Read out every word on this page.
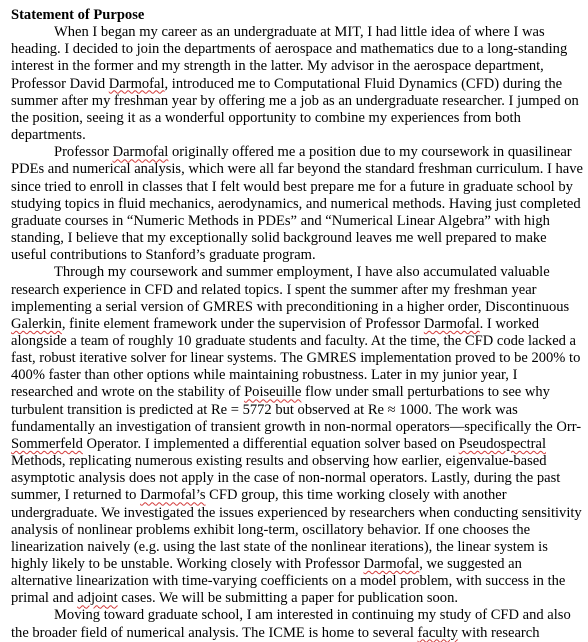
Statement of Purpose

When I began my career as an undergraduate at MIT, I had little idea of where I was heading. I decided to join the departments of aerospace and mathematics due to a long-standing interest in the former and my strength in the latter. My advisor in the aerospace department, Professor David Darmofal, introduced me to Computational Fluid Dynamics (CFD) during the summer after my freshman year by offering me a job as an undergraduate researcher. I jumped on the position, seeing it as a wonderful opportunity to combine my experiences from both departments.

Professor Darmofal originally offered me a position due to my coursework in quasilinear PDEs and numerical analysis, which were all far beyond the standard freshman curriculum. I have since tried to enroll in classes that I felt would best prepare me for a future in graduate school by studying topics in fluid mechanics, aerodynamics, and numerical methods. Having just completed graduate courses in “Numeric Methods in PDEs” and “Numerical Linear Algebra” with high standing, I believe that my exceptionally solid background leaves me well prepared to make useful contributions to Stanford’s graduate program.

Through my coursework and summer employment, I have also accumulated valuable research experience in CFD and related topics. I spent the summer after my freshman year implementing a serial version of GMRES with preconditioning in a higher order, Discontinuous Galerkin, finite element framework under the supervision of Professor Darmofal. I worked alongside a team of roughly 10 graduate students and faculty. At the time, the CFD code lacked a fast, robust iterative solver for linear systems. The GMRES implementation proved to be 200% to 400% faster than other options while maintaining robustness. Later in my junior year, I researched and wrote on the stability of Poiseuille flow under small perturbations to see why turbulent transition is predicted at Re = 5772 but observed at Re ≈ 1000. The work was fundamentally an investigation of transient growth in non-normal operators—specifically the Orr-Sommerfeld Operator. I implemented a differential equation solver based on Pseudospectral Methods, replicating numerous existing results and observing how earlier, eigenvalue-based asymptotic analysis does not apply in the case of non-normal operators. Lastly, during the past summer, I returned to Darmofal’s CFD group, this time working closely with another undergraduate. We investigated the issues experienced by researchers when conducting sensitivity analysis of nonlinear problems exhibit long-term, oscillatory behavior. If one chooses the linearization naively (e.g. using the last state of the nonlinear iterations), the linear system is highly likely to be unstable. Working closely with Professor Darmofal, we suggested an alternative linearization with time-varying coefficients on a model problem, with success in the primal and adjoint cases. We will be submitting a paper for publication soon.

Moving toward graduate school, I am interested in continuing my study of CFD and also the broader field of numerical analysis. The ICME is home to several faculty with research
